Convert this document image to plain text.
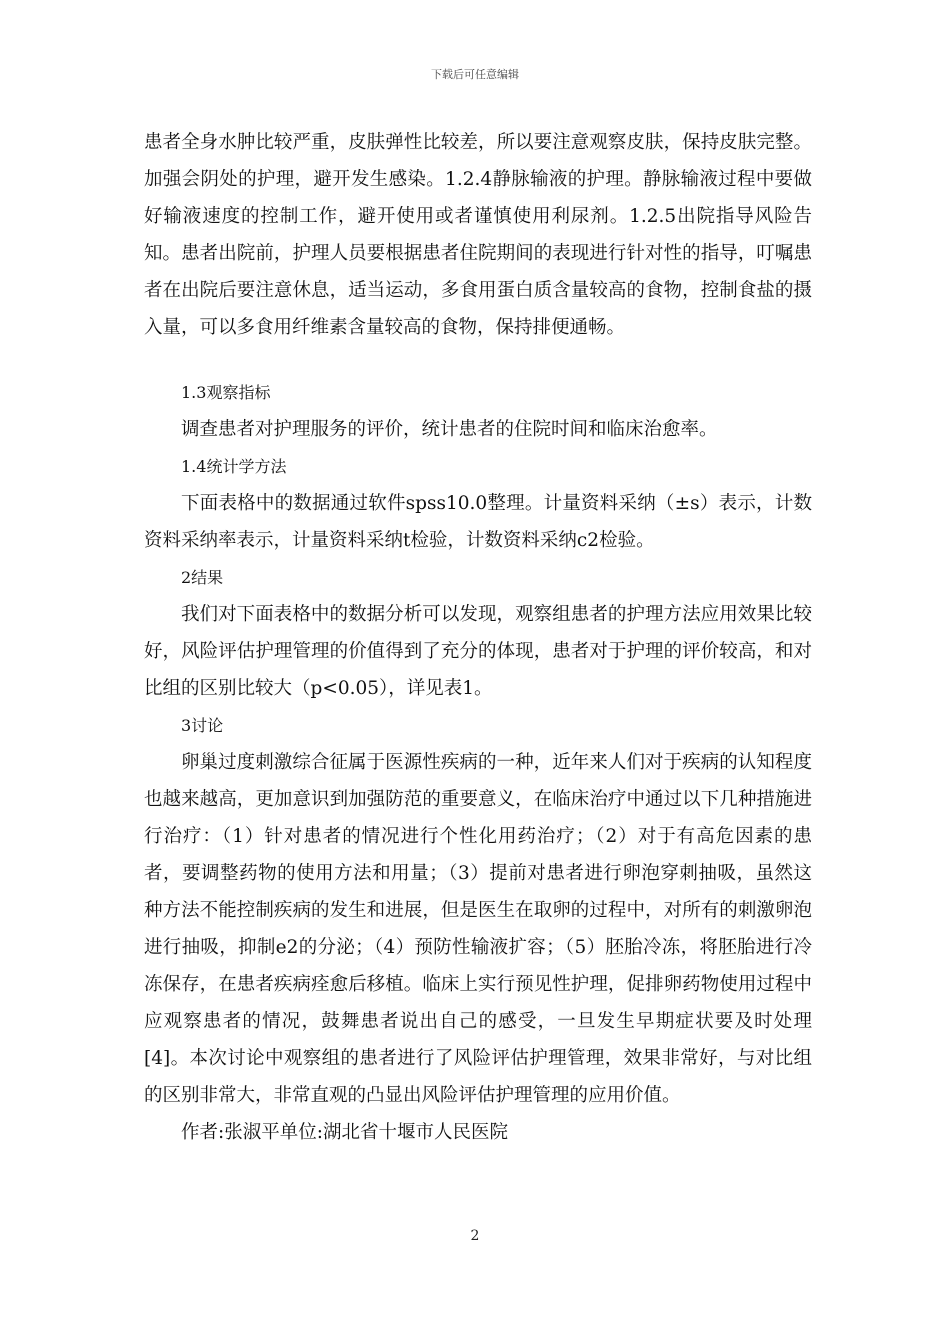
下载后可任意编辑

患者全身水肿比较严重，皮肤弹性比较差，所以要注意观察皮肤，保持皮肤完整。加强会阴处的护理，避开发生感染。1.2.4静脉输液的护理。静脉输液过程中要做好输液速度的控制工作，避开使用或者谨慎使用利尿剂。1.2.5出院指导风险告知。患者出院前，护理人员要根据患者住院期间的表现进行针对性的指导，叮嘱患者在出院后要注意休息，适当运动，多食用蛋白质含量较高的食物，控制食盐的摄入量，可以多食用纤维素含量较高的食物，保持排便通畅。

1.3观察指标

调查患者对护理服务的评价，统计患者的住院时间和临床治愈率。

1.4统计学方法

下面表格中的数据通过软件spss10.0整理。计量资料采纳（±s）表示，计数资料采纳率表示，计量资料采纳t检验，计数资料采纳c2检验。

2结果

我们对下面表格中的数据分析可以发现，观察组患者的护理方法应用效果比较好，风险评估护理管理的价值得到了充分的体现，患者对于护理的评价较高，和对比组的区别比较大（p<0.05），详见表1。

3讨论

卵巢过度刺激综合征属于医源性疾病的一种，近年来人们对于疾病的认知程度也越来越高，更加意识到加强防范的重要意义，在临床治疗中通过以下几种措施进行治疗：（1）针对患者的情况进行个性化用药治疗；（2）对于有高危因素的患者，要调整药物的使用方法和用量；（3）提前对患者进行卵泡穿刺抽吸，虽然这种方法不能控制疾病的发生和进展，但是医生在取卵的过程中，对所有的刺激卵泡进行抽吸，抑制e2的分泌；（4）预防性输液扩容；（5）胚胎冷冻，将胚胎进行冷冻保存，在患者疾病痊愈后移植。临床上实行预见性护理，促排卵药物使用过程中应观察患者的情况，鼓舞患者说出自己的感受，一旦发生早期症状要及时处理[4]。本次讨论中观察组的患者进行了风险评估护理管理，效果非常好，与对比组的区别非常大，非常直观的凸显出风险评估护理管理的应用价值。

作者:张淑平单位:湖北省十堰市人民医院

2
